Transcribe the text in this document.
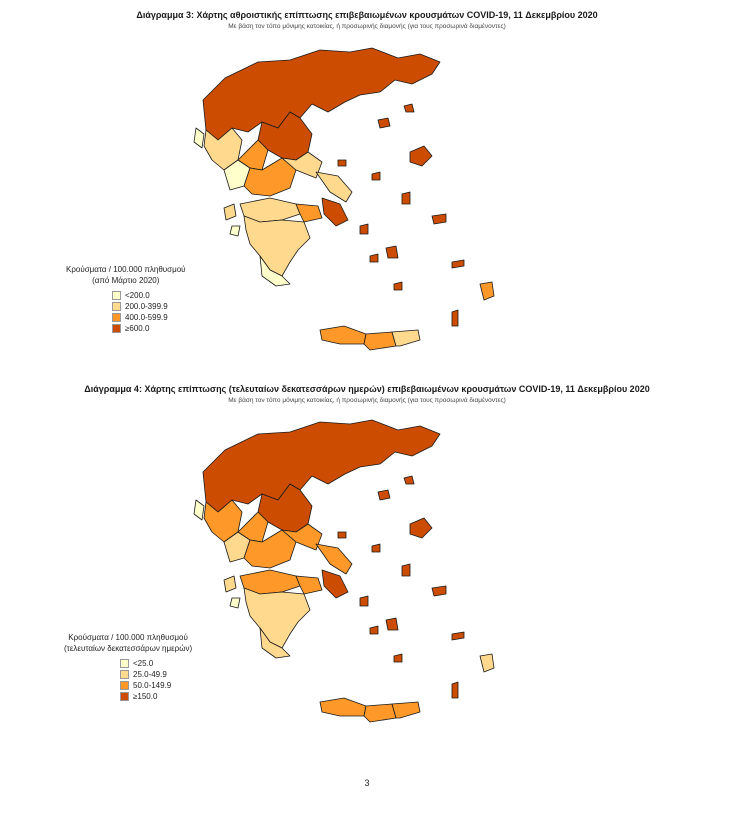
Διάγραμμα 3: Χάρτης αθροιστικής επίπτωσης επιβεβαιωμένων κρουσμάτων COVID-19, 11 Δεκεμβρίου 2020
Με βάση τον τόπο μόνιμης κατοικίας, ή προσωρινής διαμονής (για τους προσωρινά διαμένοντες)
Κρούσματα / 100.000 πληθυσμού
(από Μάρτιο 2020)
<200.0
200.0-399.9
400.0-599.9
≥600.0
Διάγραμμα 4: Χάρτης επίπτωσης (τελευταίων δεκατεσσάρων ημερών) επιβεβαιωμένων κρουσμάτων COVID-19, 11 Δεκεμβρίου 2020
Με βάση τον τόπο μόνιμης κατοικίας, ή προσωρινής διαμονής (για τους προσωρινά διαμένοντες)
Κρούσματα / 100.000 πληθυσμού
(τελευταίων δεκατεσσάρων ημερών)
<25.0
25.0-49.9
50.0-149.9
≥150.0
3
